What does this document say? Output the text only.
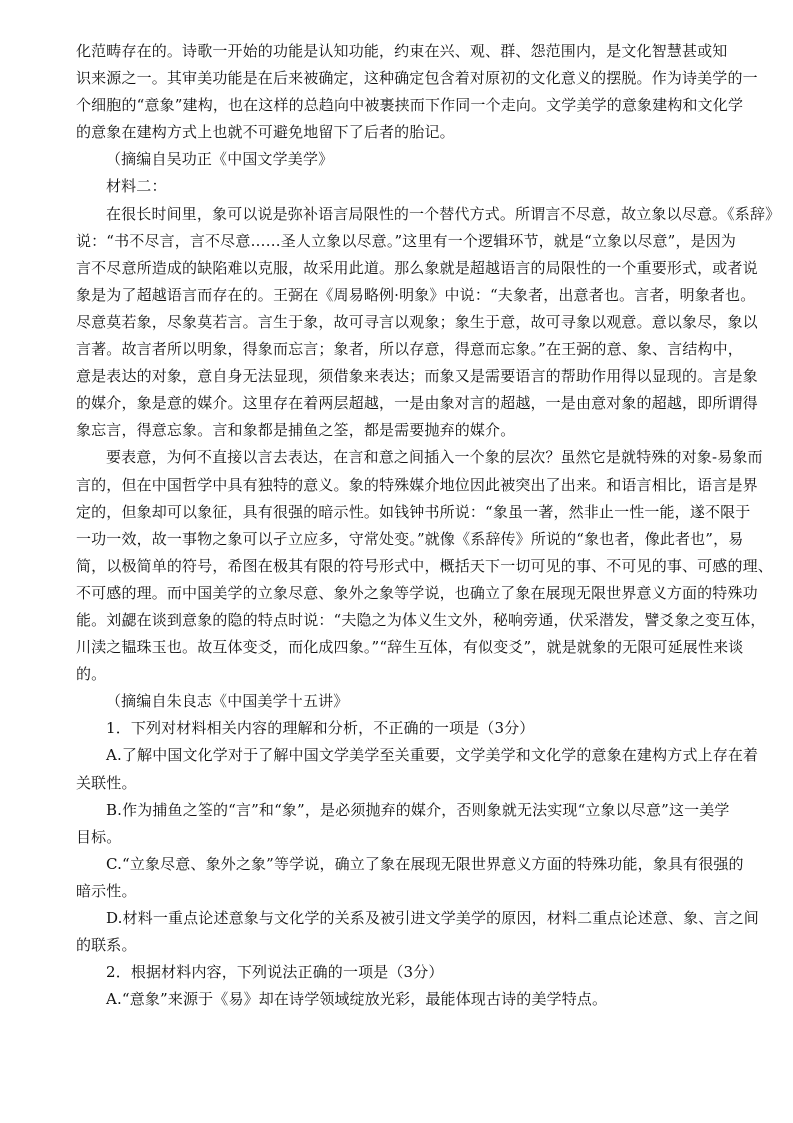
化范畴存在的。诗歌一开始的功能是认知功能，约束在兴、观、群、怨范围内，是文化智慧甚或知
识来源之一。其审美功能是在后来被确定，这种确定包含着对原初的文化意义的摆脱。作为诗美学的一
个细胞的“意象”建构，也在这样的总趋向中被裹挟而下作同一个走向。文学美学的意象建构和文化学
的意象在建构方式上也就不可避免地留下了后者的胎记。
（摘编自吴功正《中国文学美学》
材料二：
在很长时间里，象可以说是弥补语言局限性的一个替代方式。所谓言不尽意，故立象以尽意。《系辞》
说：“书不尽言，言不尽意……圣人立象以尽意。”这里有一个逻辑环节，就是“立象以尽意”，是因为
言不尽意所造成的缺陷难以克服，故采用此道。那么象就是超越语言的局限性的一个重要形式，或者说
象是为了超越语言而存在的。王弼在《周易略例·明象》中说：“夫象者，出意者也。言者，明象者也。
尽意莫若象，尽象莫若言。言生于象，故可寻言以观象；象生于意，故可寻象以观意。意以象尽，象以
言著。故言者所以明象，得象而忘言；象者，所以存意，得意而忘象。”在王弼的意、象、言结构中，
意是表达的对象，意自身无法显现，须借象来表达；而象又是需要语言的帮助作用得以显现的。言是象
的媒介，象是意的媒介。这里存在着两层超越，一是由象对言的超越，一是由意对象的超越，即所谓得
象忘言，得意忘象。言和象都是捕鱼之筌，都是需要抛弃的媒介。
要表意，为何不直接以言去表达，在言和意之间插入一个象的层次？虽然它是就特殊的对象-易象而
言的，但在中国哲学中具有独特的意义。象的特殊媒介地位因此被突出了出来。和语言相比，语言是界
定的，但象却可以象征，具有很强的暗示性。如钱钟书所说：“象虽一著，然非止一性一能，遂不限于
一功一效，故一事物之象可以孑立应多，守常处变。”就像《系辞传》所说的“象也者，像此者也”，易
简，以极简单的符号，希图在极其有限的符号形式中，概括天下一切可见的事、不可见的事、可感的理、
不可感的理。而中国美学的立象尽意、象外之象等学说，也确立了象在展现无限世界意义方面的特殊功
能。刘勰在谈到意象的隐的特点时说：“夫隐之为体义生文外，秘响旁通，伏采潜发，譬爻象之变互体，
川渎之韫珠玉也。故互体变爻，而化成四象。”“辞生互体，有似变爻”，就是就象的无限可延展性来谈
的。
（摘编自朱良志《中国美学十五讲》
1．下列对材料相关内容的理解和分析，不正确的一项是（3分）
A.了解中国文化学对于了解中国文学美学至关重要，文学美学和文化学的意象在建构方式上存在着
关联性。
B.作为捕鱼之筌的“言”和“象”，是必须抛弃的媒介，否则象就无法实现“立象以尽意”这一美学
目标。
C.“立象尽意、象外之象”等学说，确立了象在展现无限世界意义方面的特殊功能，象具有很强的
暗示性。
D.材料一重点论述意象与文化学的关系及被引进文学美学的原因，材料二重点论述意、象、言之间
的联系。
2．根据材料内容，下列说法正确的一项是（3分）
A.“意象”来源于《易》却在诗学领域绽放光彩，最能体现古诗的美学特点。
